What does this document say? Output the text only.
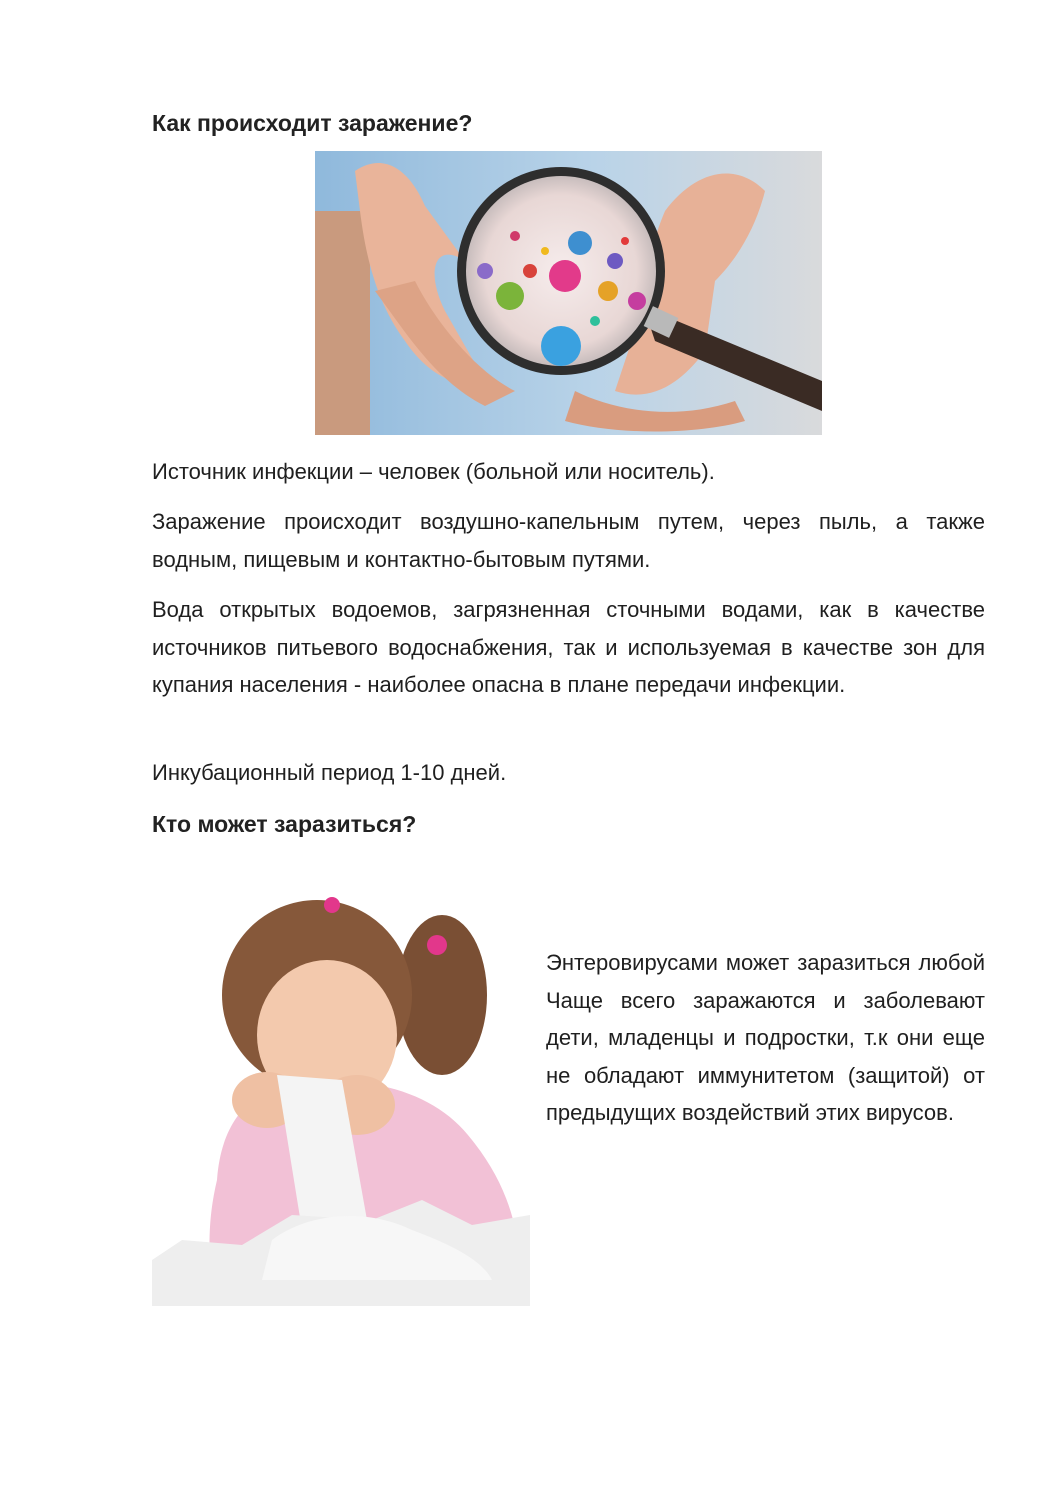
Как происходит заражение?

Источник инфекции – человек (больной или носитель).

Заражение происходит воздушно-капельным путем, через пыль, а также водным, пищевым и контактно-бытовым путями.

Вода открытых водоемов, загрязненная сточными водами, как в качестве источников питьевого водоснабжения, так и используемая в качестве зон для купания населения - наиболее опасна в плане передачи инфекции.

Инкубационный период 1-10 дней.

Кто может заразиться?

Энтеровирусами может заразиться любой Чаще всего заражаются и заболевают дети, младенцы и подростки, т.к они еще не обладают иммунитетом (защитой) от предыдущих воздействий этих вирусов.
